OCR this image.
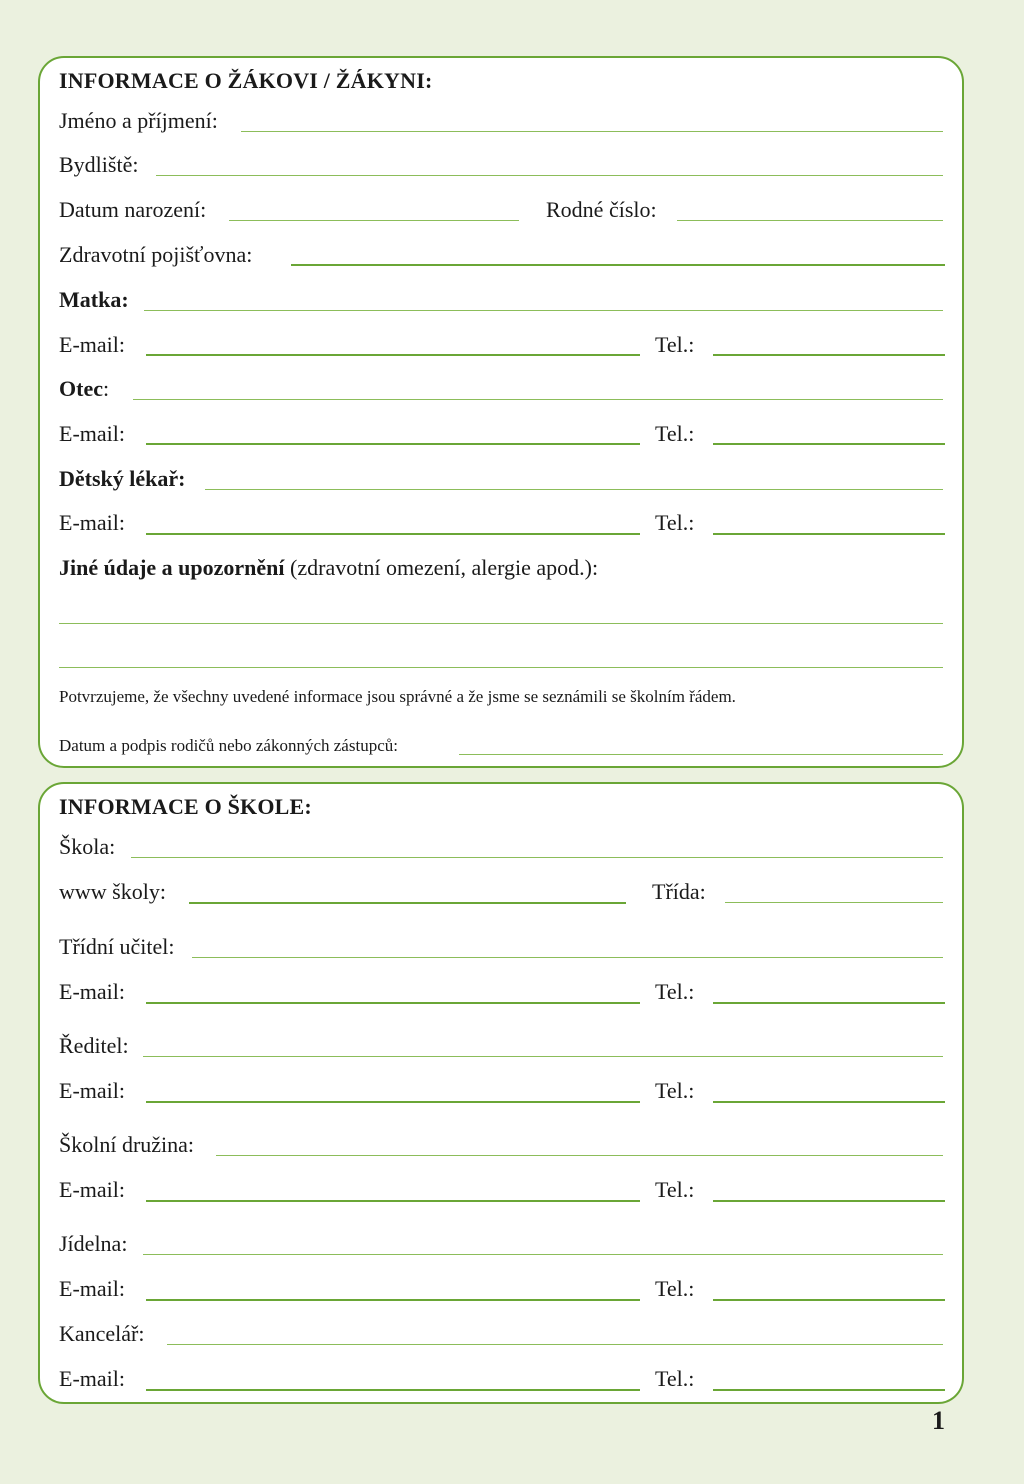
INFORMACE O ŽÁKOVI / ŽÁKYNI:
Jméno a příjmení:
Bydliště:
Datum narození:	Rodné číslo:
Zdravotní pojišťovna:
Matka:
E-mail:	Tel.:
Otec:
E-mail:	Tel.:
Dětský lékař:
E-mail:	Tel.:
Jiné údaje a upozornění (zdravotní omezení, alergie apod.):
Potvrzujeme, že všechny uvedené informace jsou správné a že jsme se seznámili se školním řádem.
Datum a podpis rodičů nebo zákonných zástupců:
INFORMACE O ŠKOLE:
Škola:
www školy:	Třída:
Třídní učitel:
E-mail:	Tel.:
Ředitel:
E-mail:	Tel.:
Školní družina:
E-mail:	Tel.:
Jídelna:
E-mail:	Tel.:
Kancelář:
E-mail:	Tel.:
1
